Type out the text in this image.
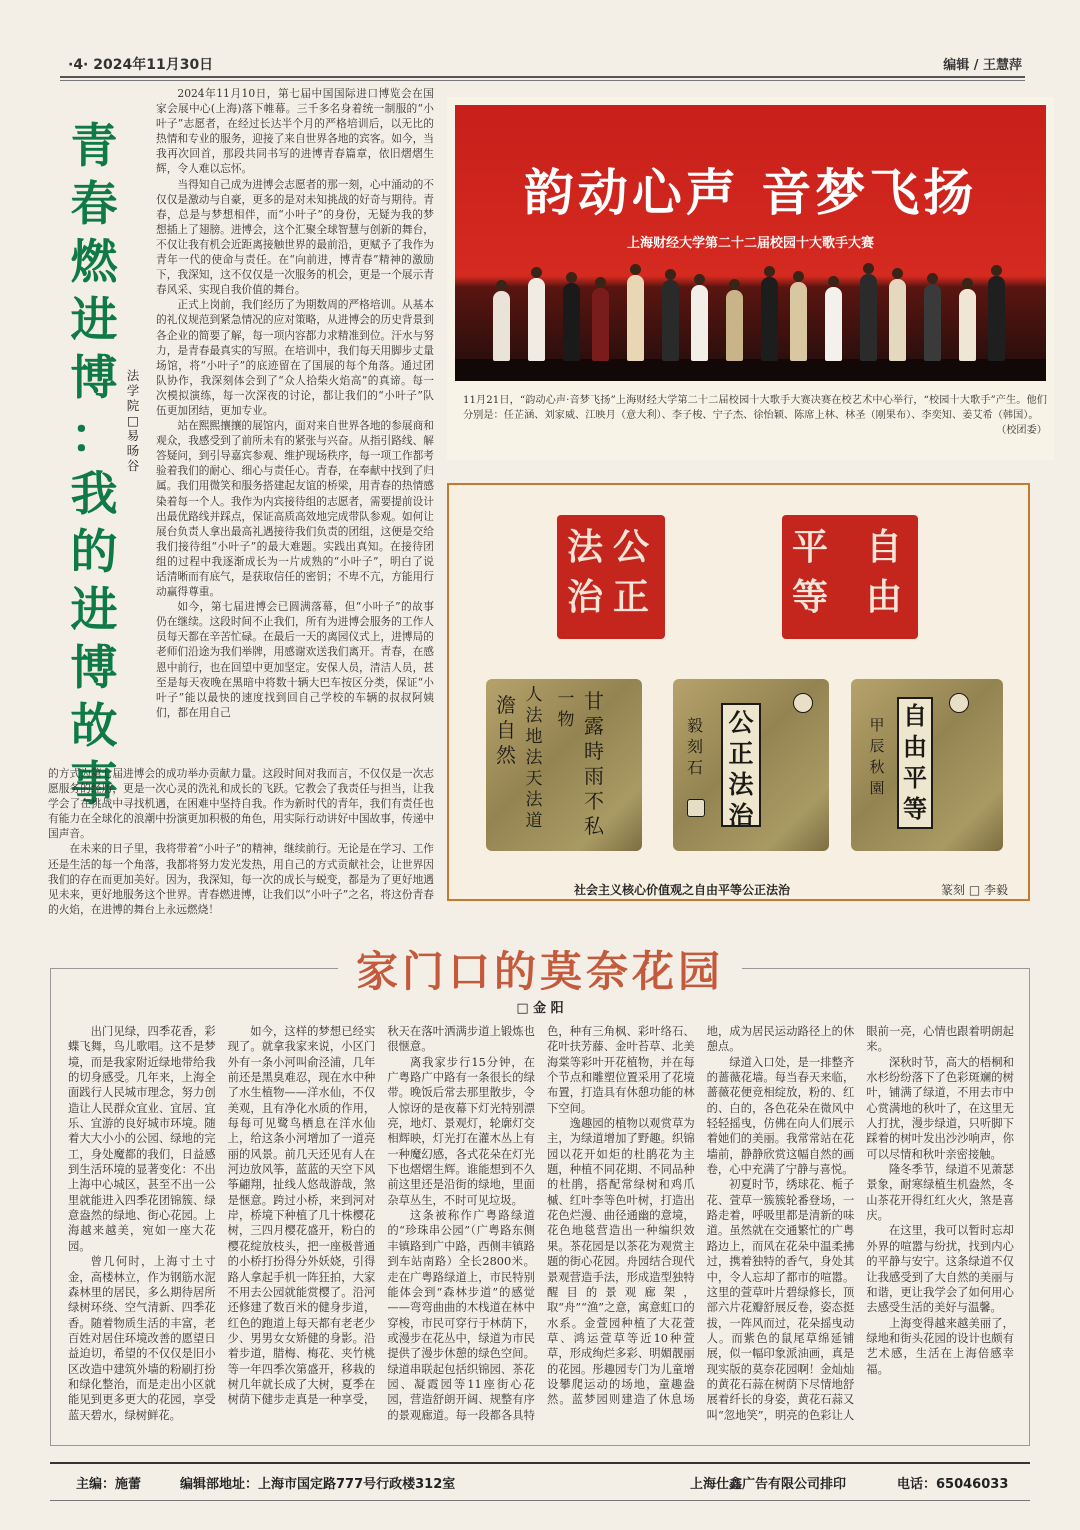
·4· 2024年11月30日	编辑 / 王慧萍
青
春
燃
进
博
：
我
的
进
博
故
事
法
学
院
□
易
旸
谷

2024年11月10日，第七届中国国际进口博览会在国家会展中心(上海)落下帷幕。三千多名身着统一制服的“小叶子”志愿者，在经过长达半个月的严格培训后，以无比的热情和专业的服务，迎接了来自世界各地的宾客。如今，当我再次回首，那段共同书写的进博青春篇章，依旧熠熠生辉，令人难以忘怀。

当得知自己成为进博会志愿者的那一刻，心中涌动的不仅仅是激动与自豪，更多的是对未知挑战的好奇与期待。青春，总是与梦想相伴，而“小叶子”的身份，无疑为我的梦想插上了翅膀。进博会，这个汇聚全球智慧与创新的舞台，不仅让我有机会近距离接触世界的最前沿，更赋予了我作为青年一代的使命与责任。在“向前进，博青春”精神的激励下，我深知，这不仅仅是一次服务的机会，更是一个展示青春风采、实现自我价值的舞台。

正式上岗前，我们经历了为期数周的严格培训。从基本的礼仪规范到紧急情况的应对策略，从进博会的历史背景到各企业的简要了解，每一项内容都力求精准到位。汗水与努力，是青春最真实的写照。在培训中，我们每天用脚步丈量场馆，将“小叶子”的底迹留在了国展的每个角落。通过团队协作，我深刻体会到了“众人拾柴火焰高”的真谛。每一次模拟演练，每一次深夜的讨论，都让我们的“小叶子”队伍更加团结，更加专业。

站在熙熙攘攘的展馆内，面对来自世界各地的参展商和观众，我感受到了前所未有的紧张与兴奋。从指引路线、解答疑问，到引导嘉宾参观、维护现场秩序，每一项工作都考验着我们的耐心、细心与责任心。青春，在奉献中找到了归属。我们用微笑和服务搭建起友谊的桥梁，用青春的热情感染着每一个人。我作为内宾接待组的志愿者，需要提前设计出最优路线并踩点，保证高质高效地完成带队参观。如何让展台负责人拿出最高礼遇接待我们负责的团组，这便是交给我们接待组“小叶子”的最大难题。实践出真知。在接待团组的过程中我逐渐成长为一片成熟的“小叶子”，明白了说话清晰而有底气，是获取信任的密钥；不卑不亢，方能用行动赢得尊重。

如今，第七届进博会已圆满落幕，但“小叶子”的故事仍在继续。这段时间不止我们，所有为进博会服务的工作人员每天都在辛苦忙碌。在最后一天的离园仪式上，进博局的老师们沿途为我们举牌，用感谢欢送我们离开。青春，在感恩中前行，也在回望中更加坚定。安保人员，清洁人员，甚至是每天夜晚在黑暗中将数十辆大巴车按区分类，保证“小叶子”能以最快的速度找到回自己学校的车辆的叔叔阿姨们，都在用自己

的方式为第七届进博会的成功举办贡献力量。这段时间对我而言，不仅仅是一次志愿服务的经历，更是一次心灵的洗礼和成长的飞跃。它教会了我责任与担当，让我学会了在挑战中寻找机遇，在困难中坚持自我。作为新时代的青年，我们有责任也有能力在全球化的浪潮中扮演更加积极的角色，用实际行动讲好中国故事，传递中国声音。

在未来的日子里，我将带着“小叶子”的精神，继续前行。无论是在学习、工作还是生活的每一个角落，我都将努力发光发热，用自己的方式贡献社会，让世界因我们的存在而更加美好。因为，我深知，每一次的成长与蜕变，都是为了更好地遇见未来，更好地服务这个世界。青春燃进博，让我们以“小叶子”之名，将这份青春的火焰，在进博的舞台上永远燃烧！

韵动心声 音梦飞扬
上海财经大学第二十二届校园十大歌手大赛
11月21日，“韵动心声·音梦飞扬”上海财经大学第二十二届校园十大歌手大赛决赛在校艺术中心举行，“校园十大歌手”产生。他们分别是：任芷涵、刘家威、江映月（意大利）、李子梭、宁子杰、徐怡颖、陈席上林、林圣（刚果布）、李奕知、姜艾希（韩国）。
（校团委）
公
正
法
治
自
由
平
等
澹
自
然
人
法
地
法
天
法
道
甘
露
時
雨
不
私
一
物	毅
刻
石
公
正
法
治
甲
辰
秋
園
自
由
平
等
社会主义核心价值观之自由平等公正法治	篆刻 □ 李毅
家门口的莫奈花园
□ 金 阳

出门见绿，四季花香，彩蝶飞舞，鸟儿歌唱。这不是梦境，而是我家附近绿地带给我的切身感受。几年来，上海全面践行人民城市理念，努力创造让人民群众宜业、宜居、宜乐、宜游的良好城市环境。随着大大小小的公园、绿地的完工，身处魔都的我们，日益感到生活环境的显著变化：不出上海中心城区，甚至不出一公里就能进入四季花团锦簇、绿意盎然的绿地、街心花园。上海越来越美，宛如一座大花园。

曾几何时，上海寸土寸金，高楼林立，作为钢筋水泥森林里的居民，多么期待居所绿树环绕、空气清新、四季花香。随着物质生活的丰富，老百姓对居住环境改善的愿望日益迫切，希望的不仅仅是旧小区改造中建筑外墙的粉刷打扮和绿化整治，而是走出小区就能见到更多更大的花园，享受蓝天碧水，绿树鲜花。

如今，这样的梦想已经实现了。就拿我家来说，小区门外有一条小河叫俞泾浦，几年前还是黑臭难忍，现在水中种了水生植物——洋水仙，不仅美观，且有净化水质的作用，每每可见鹭鸟栖息在洋水仙上，给这条小河增加了一道亮丽的风景。前几天还见有人在河边放风筝，蓝蓝的天空下风筝翩翔，扯线人悠哉游哉，煞是惬意。跨过小桥，来到河对岸，桥境下种植了几十株樱花树，三四月樱花盛开，粉白的樱花绽放枝头，把一座极普通的小桥打扮得分外妖娆，引得路人拿起手机一阵狂拍，大家不用去公园就能赏樱了。沿河还修建了数百米的健身步道，红色的跑道上每天都有老老少少、男男女女矫健的身影。沿着步道，腊梅、梅花、夹竹桃等一年四季次第盛开，移栽的树几年就长成了大树，夏季在树荫下健步走真是一种享受，秋天在落叶洒满步道上锻炼也很惬意。

离我家步行15分钟，在广粤路广中路有一条很长的绿带。晚饭后常去那里散步，令人惊讶的是夜幕下灯光特别漂亮，地灯、景观灯，轮廓灯交相辉映，灯光打在灌木丛上有一种魔幻感，各式花朵在灯光下也熠熠生辉。谁能想到不久前这里还是沿街的绿地，里面杂草丛生，不时可见垃圾。

这条被称作广粤路绿道的“珍珠串公园”（广粤路东侧丰镇路到广中路，西侧丰镇路到车站南路）全长2800米。走在广粤路绿道上，市民特别能体会到“森林步道”的感觉——弯弯曲曲的木栈道在林中穿梭，市民可穿行于林荫下，或漫步在花丛中，绿道为市民提供了漫步休憩的绿色空间。绿道串联起包括织锦园、茶花园、凝霞园等11座街心花园，营造舒朗开阔、规整有序的景观廊道。每一段都各具特色，种有三角枫、彩叶络石、花叶扶芳藤、金叶苔草、北美海棠等彩叶开花植物，并在每个节点和雕塑位置采用了花境布置，打造具有休憩功能的林下空间。

逸趣园的植物以观赏草为主，为绿道增加了野趣。织锦园以花开如炬的杜鹃花为主题，种植不同花期、不同品种的杜鹃，搭配常绿树和鸡爪槭、红叶李等色叶树，打造出花色烂漫、曲径通幽的意境，花色地毯营造出一种编织效果。茶花园是以茶花为观赏主题的街心花园。舟园结合现代景观营造手法，形成造型独特醒目的景观廊架，取“舟”“渔”之意，寓意虹口的水系。金萱园种植了大花萱草、鸿运萱草等近10种萱草，形成绚烂多彩、明媚靓丽的花园。彤趣园专门为儿童增设攀爬运动的场地，童趣盎然。蓝梦园则建造了休息场地，成为居民运动路径上的休憩点。

绿道入口处，是一排整齐的蔷薇花墙。每当春天来临，蔷薇花便竞相绽放，粉的、红的、白的，各色花朵在微风中轻轻摇曳，仿佛在向人们展示着她们的美丽。我常常站在花墙前，静静欣赏这幅自然的画卷，心中充满了宁静与喜悦。

初夏时节，绣球花、栀子花、萱草一簇簇轮番登场，一路走着，呼吸里都是清新的味道。虽然就在交通繁忙的广粤路边上，而风在花朵中温柔拂过，携着独特的香气，身处其中，令人忘却了都市的喧嚣。这里的萱草叶片碧绿修长，顶部六片花瓣舒展反卷，姿态挺拔，一阵风而过，花朵摇曳动人。而紫色的鼠尾草绵延铺展，似一幅印象派油画，真是现实版的莫奈花园啊！金灿灿的黄花石蒜在树荫下尽情地舒展着纤长的身姿，黄花石蒜又叫“忽地笑”，明亮的色彩让人眼前一亮，心情也跟着明朗起来。

深秋时节，高大的梧桐和水杉纷纷落下了色彩斑斓的树叶，铺满了绿道，不用去市中心赏满地的秋叶了，在这里无人打扰，漫步绿道，只听脚下踩着的树叶发出沙沙响声，你可以尽情和秋叶亲密接触。

隆冬季节，绿道不见萧瑟景象，耐寒绿植生机盎然，冬山茶花开得红红火火，煞是喜庆。

在这里，我可以暂时忘却外界的喧嚣与纷扰，找到内心的平静与安宁。这条绿道不仅让我感受到了大自然的美丽与和谐，更让我学会了如何用心去感受生活的美好与温馨。

上海变得越来越美丽了，绿地和街头花园的设计也颇有艺术感，生活在上海倍感幸福。

主编：施蕾	编辑部地址：上海市国定路777号行政楼312室	上海仕鑫广告有限公司排印	电话：65046033
